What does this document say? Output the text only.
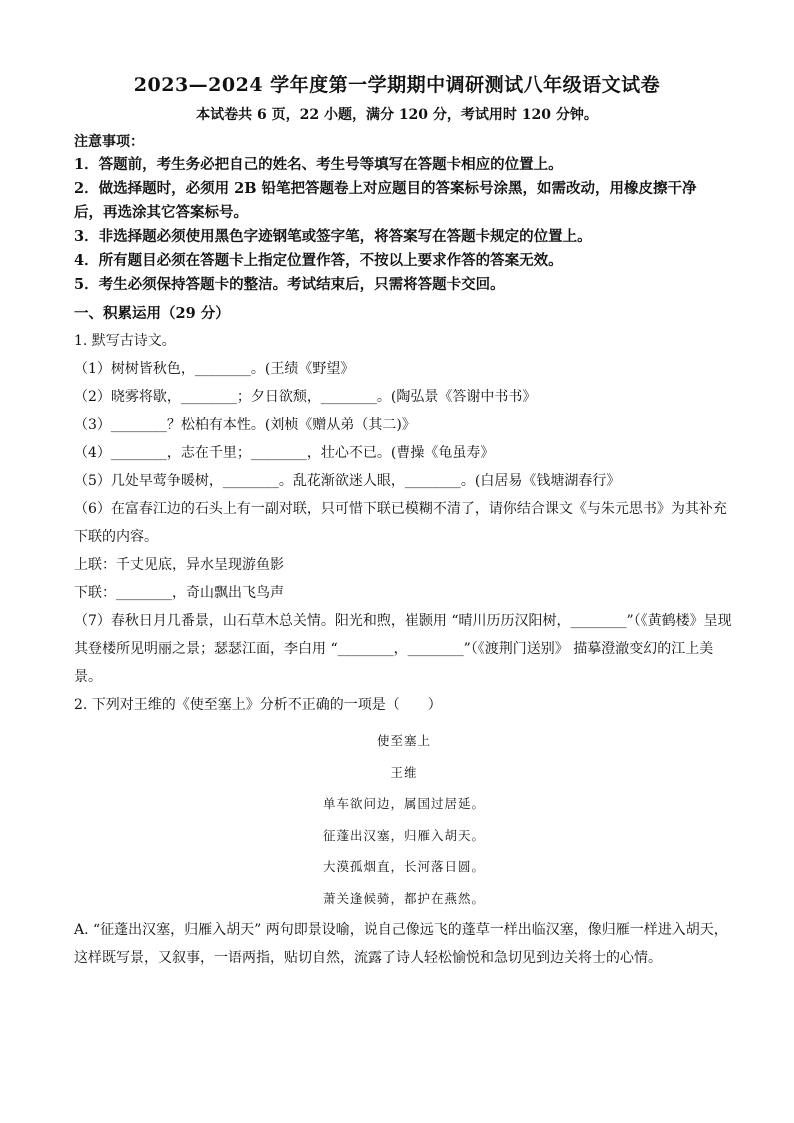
2023—2024 学年度第一学期期中调研测试八年级语文试卷
本试卷共 6 页，22 小题，满分 120 分，考试用时 120 分钟。
注意事项：
1．答题前，考生务必把自己的姓名、考生号等填写在答题卡相应的位置上。
2．做选择题时，必须用 2B 铅笔把答题卷上对应题目的答案标号涂黑，如需改动，用橡皮擦干净后，再选涂其它答案标号。
3．非选择题必须使用黑色字迹钢笔或签字笔，将答案写在答题卡规定的位置上。
4．所有题目必须在答题卡上指定位置作答，不按以上要求作答的答案无效。
5．考生必须保持答题卡的整洁。考试结束后，只需将答题卡交回。
一、积累运用（29 分）
1. 默写古诗文。
（1）树树皆秋色，________。(王绩《野望》
（2）晓雾将歇，________；夕日欲颓，________。(陶弘景《答谢中书书》
（3）________？松柏有本性。(刘桢《赠从弟（其二)》
（4）________，志在千里；________，壮心不已。(曹操《龟虽寿》
（5）几处早莺争暖树，________。乱花渐欲迷人眼，________。(白居易《钱塘湖春行》
（6）在富春江边的石头上有一副对联，只可惜下联已模糊不清了，请你结合课文《与朱元思书》为其补充下联的内容。
上联：千丈见底，异水呈现游鱼影
下联：________，奇山飘出飞鸟声
（7）春秋日月几番景，山石草木总关情。阳光和煦，崔颢用 “晴川历历汉阳树，________”（《黄鹤楼》呈现其登楼所见明丽之景；瑟瑟江面，李白用 “________，________”（《渡荆门送别》 描摹澄澈变幻的江上美景。
2. 下列对王维的《使至塞上》分析不正确的一项是（　　）
使至塞上
王维
单车欲问边，属国过居延。
征蓬出汉塞，归雁入胡天。
大漠孤烟直，长河落日圆。
萧关逢候骑，都护在燕然。
A. “征蓬出汉塞，归雁入胡天” 两句即景设喻，说自己像远飞的蓬草一样出临汉塞，像归雁一样进入胡天，这样既写景，又叙事，一语两指，贴切自然，流露了诗人轻松愉悦和急切见到边关将士的心情。
